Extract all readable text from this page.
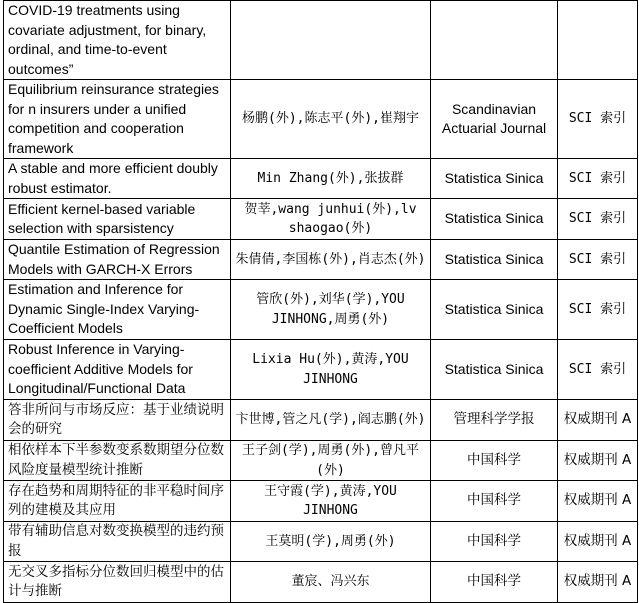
COVID-19 treatments using covariate adjustment, for binary, ordinal, and time-to-event outcomes”			
Equilibrium reinsurance strategies for n insurers under a unified competition and cooperation framework	杨鹏(外),陈志平(外),崔翔宇	Scandinavian Actuarial Journal	SCI 索引
A stable and more efficient doubly robust estimator.	Min Zhang(外),张拔群	Statistica Sinica	SCI 索引
Efficient kernel-based variable selection with sparsistency	贺莘,wang junhui(外),lv shaogao(外)	Statistica Sinica	SCI 索引
Quantile Estimation of Regression Models with GARCH-X Errors	朱倩倩,李国栋(外),肖志杰(外)	Statistica Sinica	SCI 索引
Estimation and Inference for Dynamic Single-Index Varying-Coefficient Models	管欣(外),刘华(学),YOU JINHONG,周勇(外)	Statistica Sinica	SCI 索引
Robust Inference in Varying-coefficient Additive Models for Longitudinal/Functional Data	Lixia Hu(外),黄涛,YOU JINHONG	Statistica Sinica	SCI 索引
答非所问与市场反应：基于业绩说明会的研究	卞世博,管之凡(学),阎志鹏(外)	管理科学学报	权威期刊 A
相依样本下半参数变系数期望分位数风险度量模型统计推断	王子剑(学),周勇(外),曾凡平(外)	中国科学	权威期刊 A
存在趋势和周期特征的非平稳时间序列的建模及其应用	王守霞(学),黄涛,YOU JINHONG	中国科学	权威期刊 A
带有辅助信息对数变换模型的违约预报	王莫明(学),周勇(外)	中国科学	权威期刊 A
无交叉多指标分位数回归模型中的估计与推断	董宸、冯兴东	中国科学	权威期刊 A
